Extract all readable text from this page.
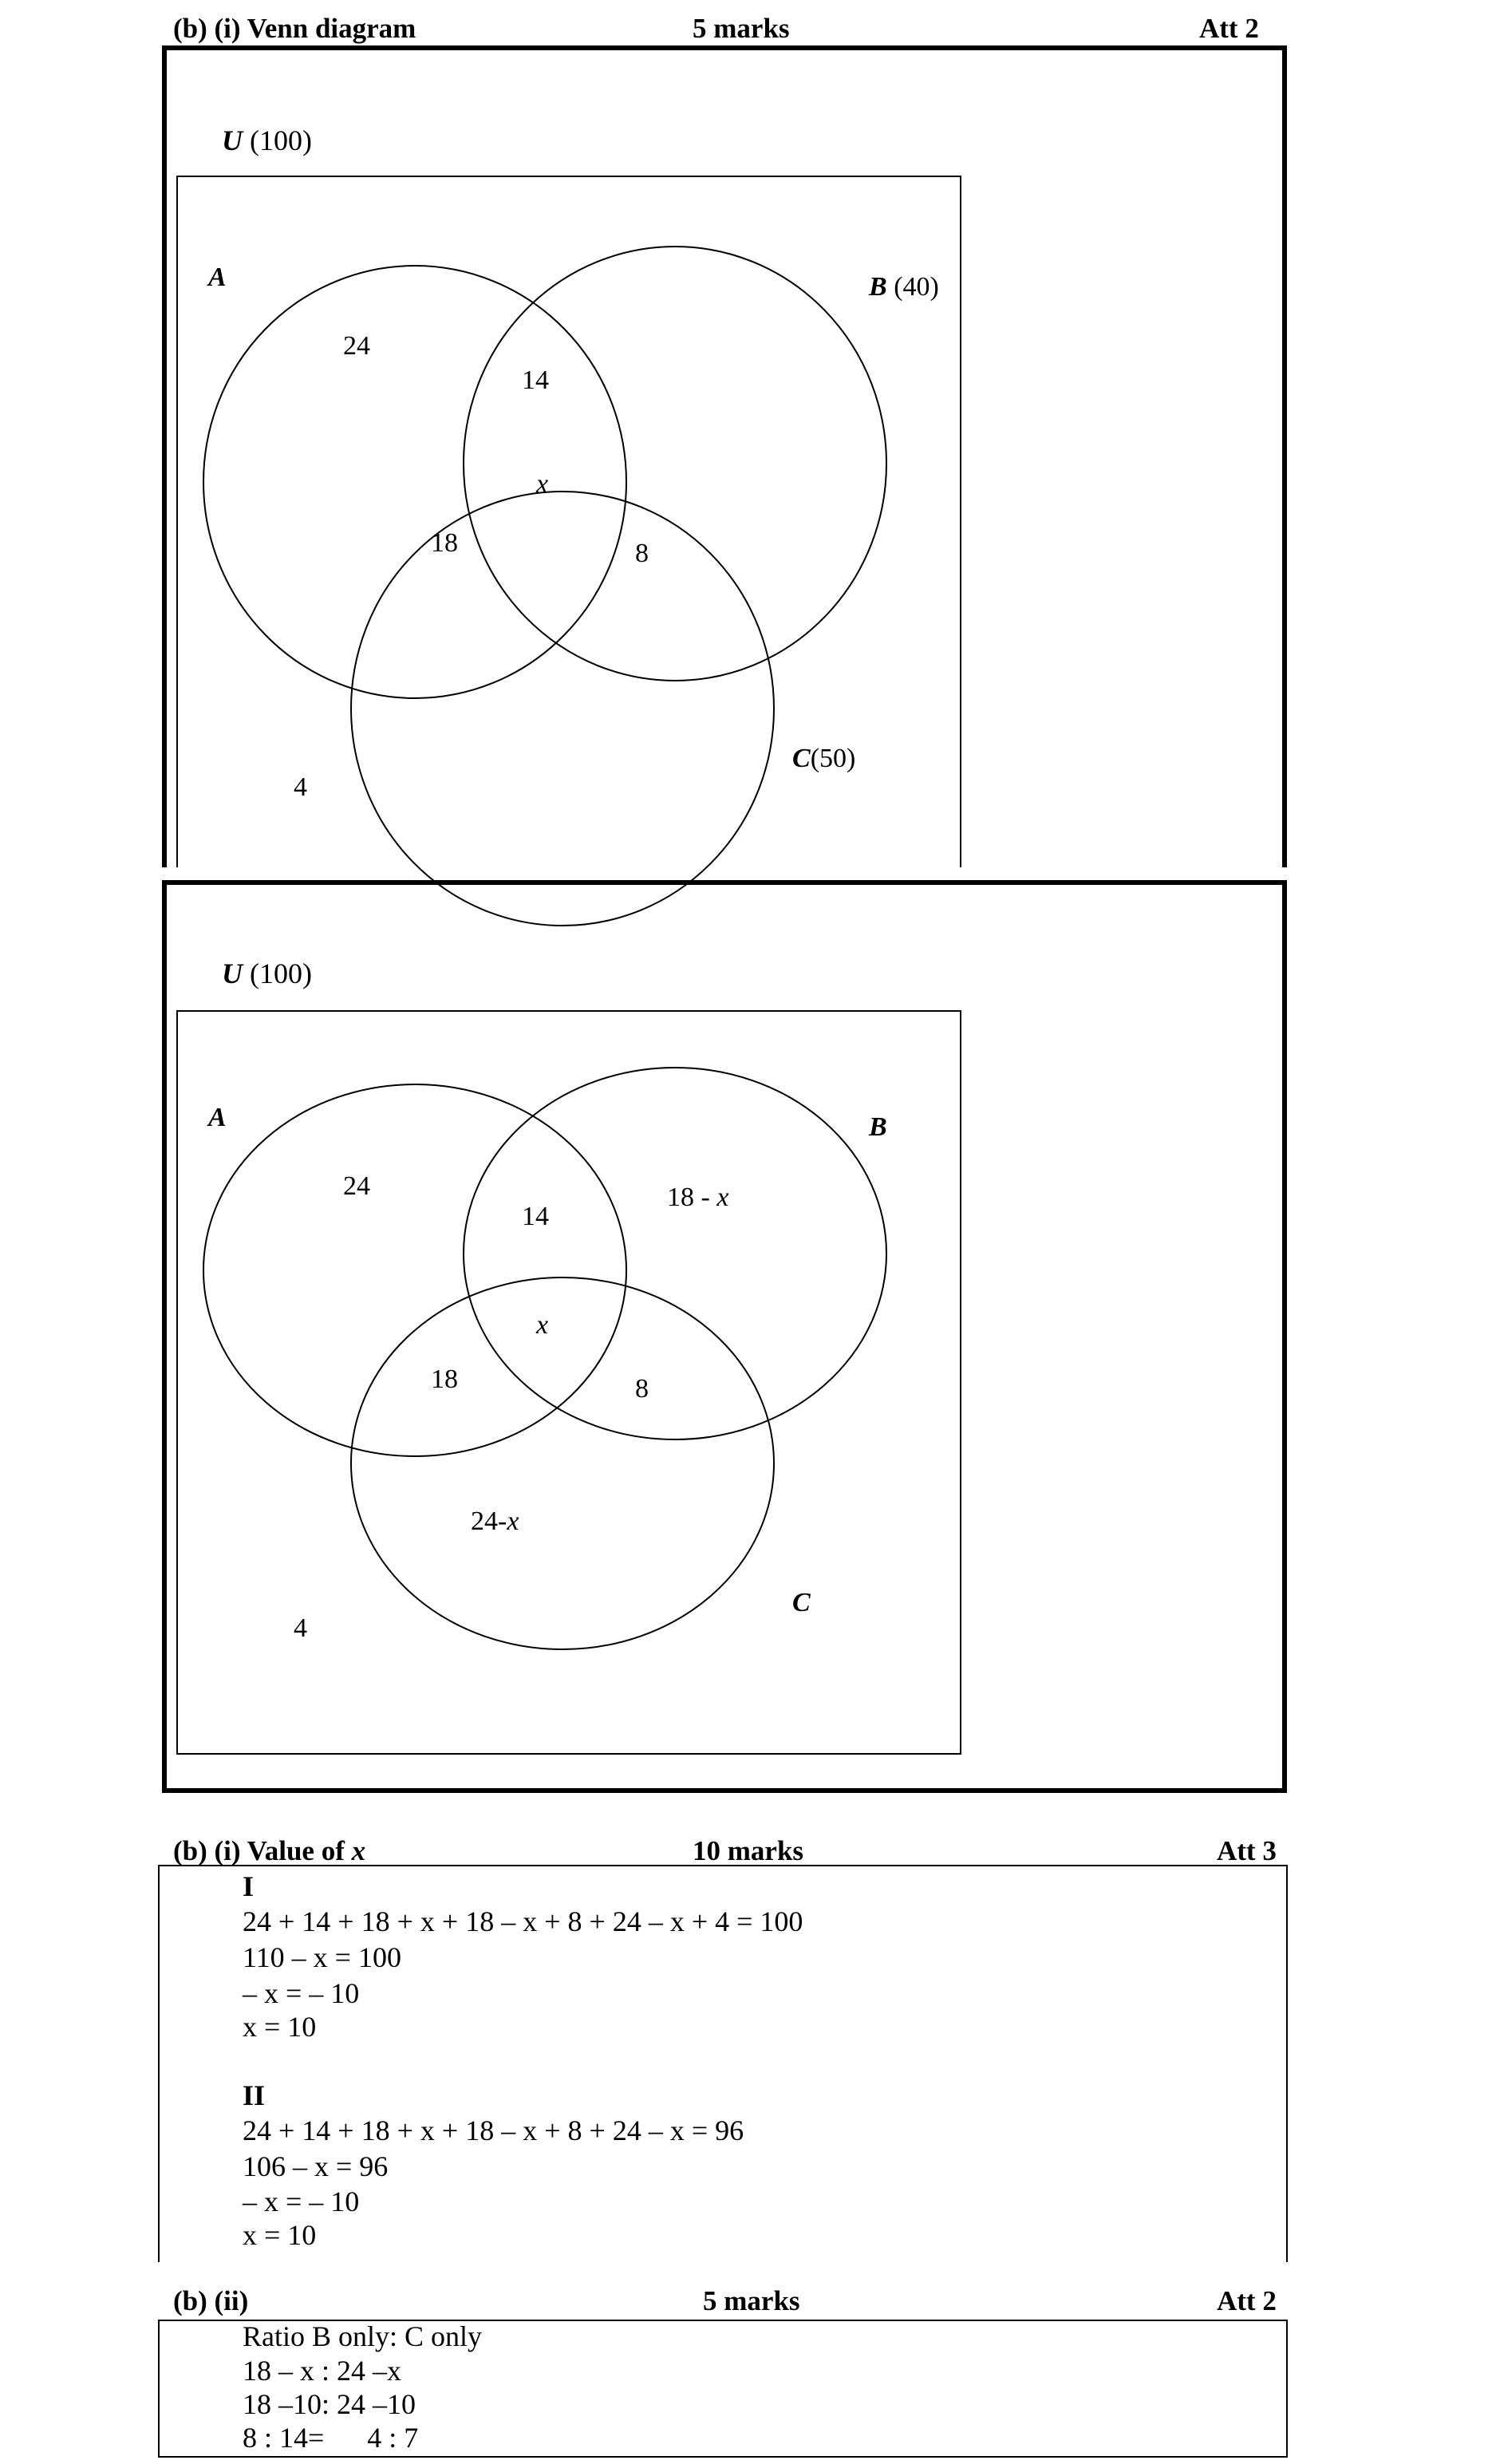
(b) (i) Venn diagram	5 marks	Att 2
U (100)
A	B (40)
C(50)
24
14
x
18	8
4
U (100)
A	B
C
24
14
18 - x
x
18	8
24-x
4
(b) (i) Value of x	10 marks	Att 3
I
24 + 14 + 18 + x + 18 – x + 8 + 24 – x + 4 = 100
110 – x = 100
– x = – 10
x = 10
II
24 + 14 + 18 + x + 18 – x + 8 + 24 – x = 96
106 – x = 96
– x = – 10
x = 10
(b) (ii)	5 marks	Att 2
Ratio B only: C only
18 – x : 24 –x
18 –10: 24 –10
8 : 14=      4 : 7
